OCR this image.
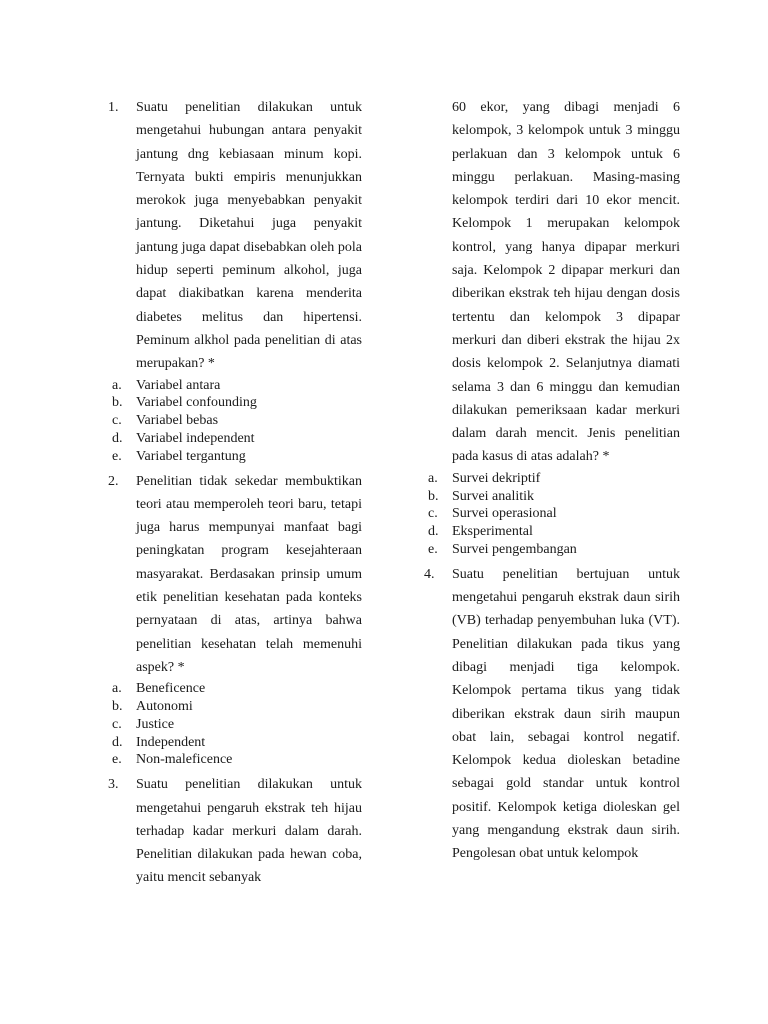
1. Suatu penelitian dilakukan untuk mengetahui hubungan antara penyakit jantung dng kebiasaan minum kopi. Ternyata bukti empiris menunjukkan merokok juga menyebabkan penyakit jantung. Diketahui juga penyakit jantung juga dapat disebabkan oleh pola hidup seperti peminum alkohol, juga dapat diakibatkan karena menderita diabetes melitus dan hipertensi. Peminum alkhol pada penelitian di atas merupakan? *

a. Variabel antara
b. Variabel confounding
c. Variabel bebas
d. Variabel independent
e. Variabel tergantung
2. Penelitian tidak sekedar membuktikan teori atau memperoleh teori baru, tetapi juga harus mempunyai manfaat bagi peningkatan program kesejahteraan masyarakat. Berdasakan prinsip umum etik penelitian kesehatan pada konteks pernyataan di atas, artinya bahwa penelitian kesehatan telah memenuhi aspek? *

a. Beneficence
b. Autonomi
c. Justice
d. Independent
e. Non-maleficence
3. Suatu penelitian dilakukan untuk mengetahui pengaruh ekstrak teh hijau terhadap kadar merkuri dalam darah. Penelitian dilakukan pada hewan coba, yaitu mencit sebanyak

60 ekor, yang dibagi menjadi 6 kelompok, 3 kelompok untuk 3 minggu perlakuan dan 3 kelompok untuk 6 minggu perlakuan. Masing-masing kelompok terdiri dari 10 ekor mencit. Kelompok 1 merupakan kelompok kontrol, yang hanya dipapar merkuri saja. Kelompok 2 dipapar merkuri dan diberikan ekstrak teh hijau dengan dosis tertentu dan kelompok 3 dipapar merkuri dan diberi ekstrak the hijau 2x dosis kelompok 2. Selanjutnya diamati selama 3 dan 6 minggu dan kemudian dilakukan pemeriksaan kadar merkuri dalam darah mencit. Jenis penelitian pada kasus di atas adalah? *

a. Survei dekriptif
b. Survei analitik
c. Survei operasional
d. Eksperimental
e. Survei pengembangan
4. Suatu penelitian bertujuan untuk mengetahui pengaruh ekstrak daun sirih (VB) terhadap penyembuhan luka (VT). Penelitian dilakukan pada tikus yang dibagi menjadi tiga kelompok. Kelompok pertama tikus yang tidak diberikan ekstrak daun sirih maupun obat lain, sebagai kontrol negatif. Kelompok kedua dioleskan betadine sebagai gold standar untuk kontrol positif. Kelompok ketiga dioleskan gel yang mengandung ekstrak daun sirih. Pengolesan obat untuk kelompok
